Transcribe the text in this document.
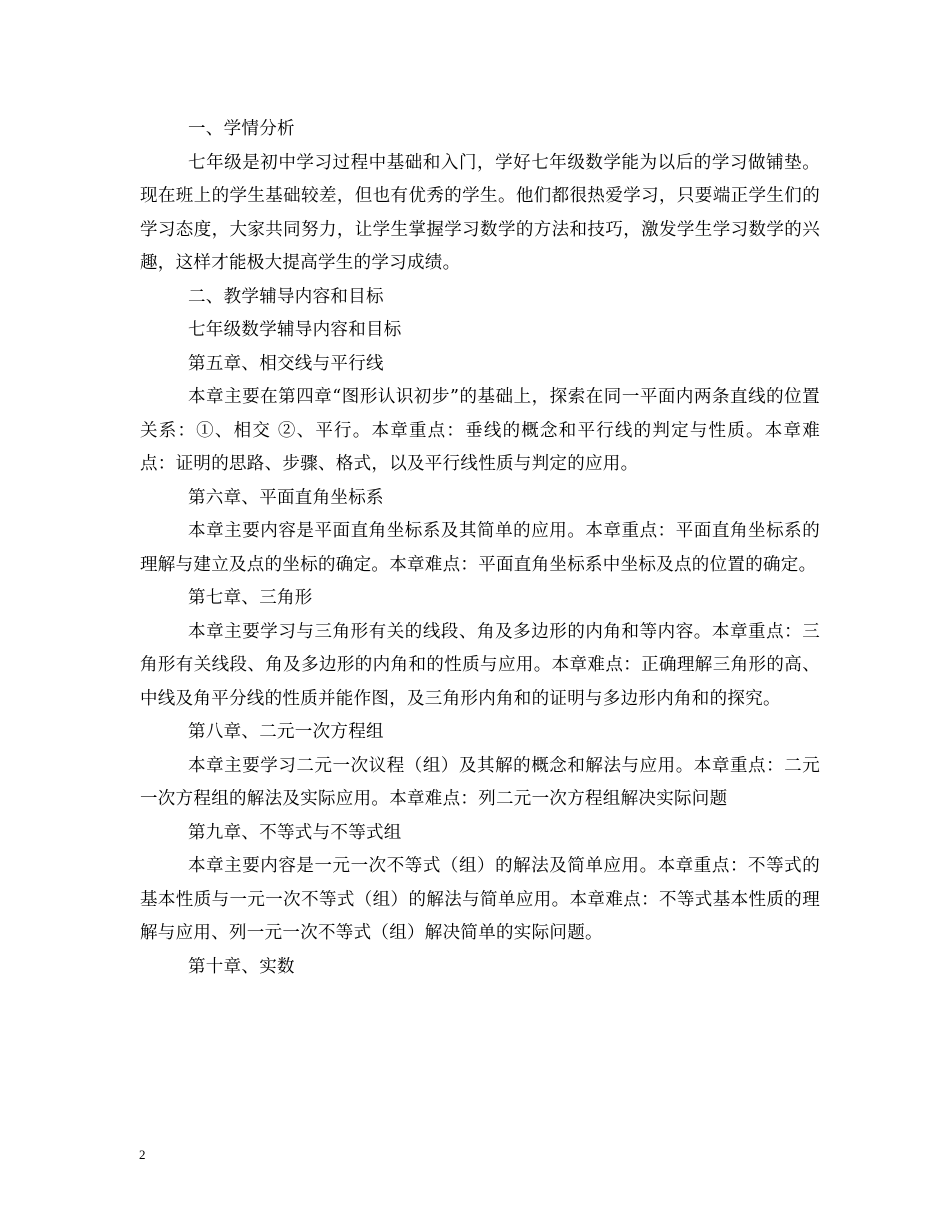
一、学情分析

七年级是初中学习过程中基础和入门，学好七年级数学能为以后的学习做铺垫。现在班上的学生基础较差，但也有优秀的学生。他们都很热爱学习，只要端正学生们的学习态度，大家共同努力，让学生掌握学习数学的方法和技巧，激发学生学习数学的兴趣，这样才能极大提高学生的学习成绩。

二、教学辅导内容和目标

七年级数学辅导内容和目标

第五章、相交线与平行线

本章主要在第四章“图形认识初步”的基础上，探索在同一平面内两条直线的位置关系：①、相交 ②、平行。本章重点：垂线的概念和平行线的判定与性质。本章难点：证明的思路、步骤、格式，以及平行线性质与判定的应用。

第六章、平面直角坐标系

本章主要内容是平面直角坐标系及其简单的应用。本章重点：平面直角坐标系的理解与建立及点的坐标的确定。本章难点：平面直角坐标系中坐标及点的位置的确定。

第七章、三角形

本章主要学习与三角形有关的线段、角及多边形的内角和等内容。本章重点：三角形有关线段、角及多边形的内角和的性质与应用。本章难点：正确理解三角形的高、中线及角平分线的性质并能作图，及三角形内角和的证明与多边形内角和的探究。

第八章、二元一次方程组

本章主要学习二元一次议程（组）及其解的概念和解法与应用。本章重点：二元一次方程组的解法及实际应用。本章难点：列二元一次方程组解决实际问题

第九章、不等式与不等式组

本章主要内容是一元一次不等式（组）的解法及简单应用。本章重点：不等式的基本性质与一元一次不等式（组）的解法与简单应用。本章难点：不等式基本性质的理解与应用、列一元一次不等式（组）解决简单的实际问题。

第十章、实数

2
